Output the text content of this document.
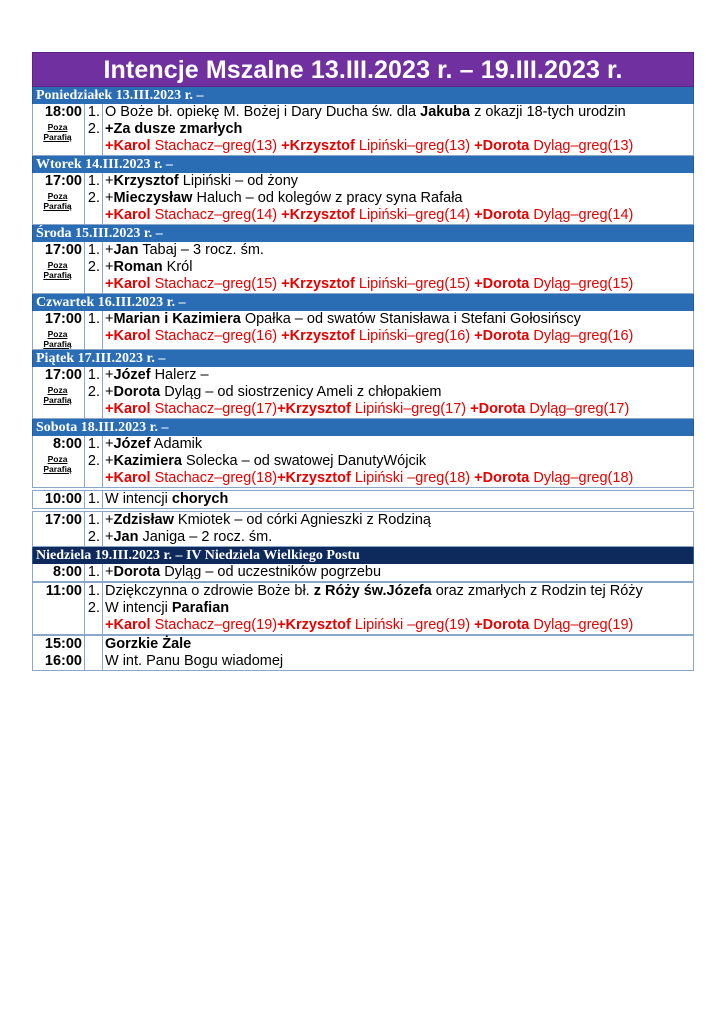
Intencje Mszalne 13.III.2023 r. – 19.III.2023 r.
Poniedziałek 13.III.2023 r. –
18:00
Poza
Parafią
1.
2.

O Boże bł. opiekę M. Bożej i Dary Ducha św. dla Jakuba z okazji 18-tych urodzin
+Za dusze zmarłych
+Karol Stachacz–greg(13) +Krzysztof Lipiński–greg(13) +Dorota Dyląg–greg(13)
Wtorek 14.III.2023 r. –
17:00
Poza
Parafią
1.
2.

+Krzysztof Lipiński – od żony
+Mieczysław Haluch – od kolegów z pracy syna Rafała
+Karol Stachacz–greg(14) +Krzysztof Lipiński–greg(14) +Dorota Dyląg–greg(14)
Środa 15.III.2023 r. –
17:00
Poza
Parafią
1.
2.

+Jan Tabaj – 3 rocz. śm.
+Roman Król
+Karol Stachacz–greg(15) +Krzysztof Lipiński–greg(15) +Dorota Dyląg–greg(15)
Czwartek 16.III.2023 r. –
17:00
Poza
Parafią
1.
+Marian i Kazimiera Opałka – od swatów Stanisława i Stefani Gołosińscy
+Karol Stachacz–greg(16) +Krzysztof Lipiński–greg(16) +Dorota Dyląg–greg(16)
Piątek 17.III.2023 r. –
17:00
Poza
Parafią
1.
2.

+Józef Halerz –
+Dorota Dyląg – od siostrzenicy Ameli z chłopakiem
+Karol Stachacz–greg(17)+Krzysztof Lipiński–greg(17) +Dorota Dyląg–greg(17)
Sobota 18.III.2023 r. –
8:00
Poza
Parafią
1.
2.

+Józef Adamik
+Kazimiera Solecka – od swatowej DanutyWójcik
+Karol Stachacz–greg(18)+Krzysztof Lipiński –greg(18) +Dorota Dyląg–greg(18)
10:00 1. W intencji chorych
17:00 1.
2.
+Zdzisław Kmiotek – od córki Agnieszki z Rodziną
+Jan Janiga – 2 rocz. śm.
Niedziela 19.III.2023 r. – IV Niedziela Wielkiego Postu
8:00 1. +Dorota Dyląg – od uczestników pogrzebu
11:00 1.
2.

Dziękczynna o zdrowie Boże bł. z Róży św.Józefa oraz zmarłych z Rodzin tej Róży
W intencji Parafian
+Karol Stachacz–greg(19)+Krzysztof Lipiński –greg(19) +Dorota Dyląg–greg(19)
15:00
16:00

Gorzkie Żale
W int. Panu Bogu wiadomej
